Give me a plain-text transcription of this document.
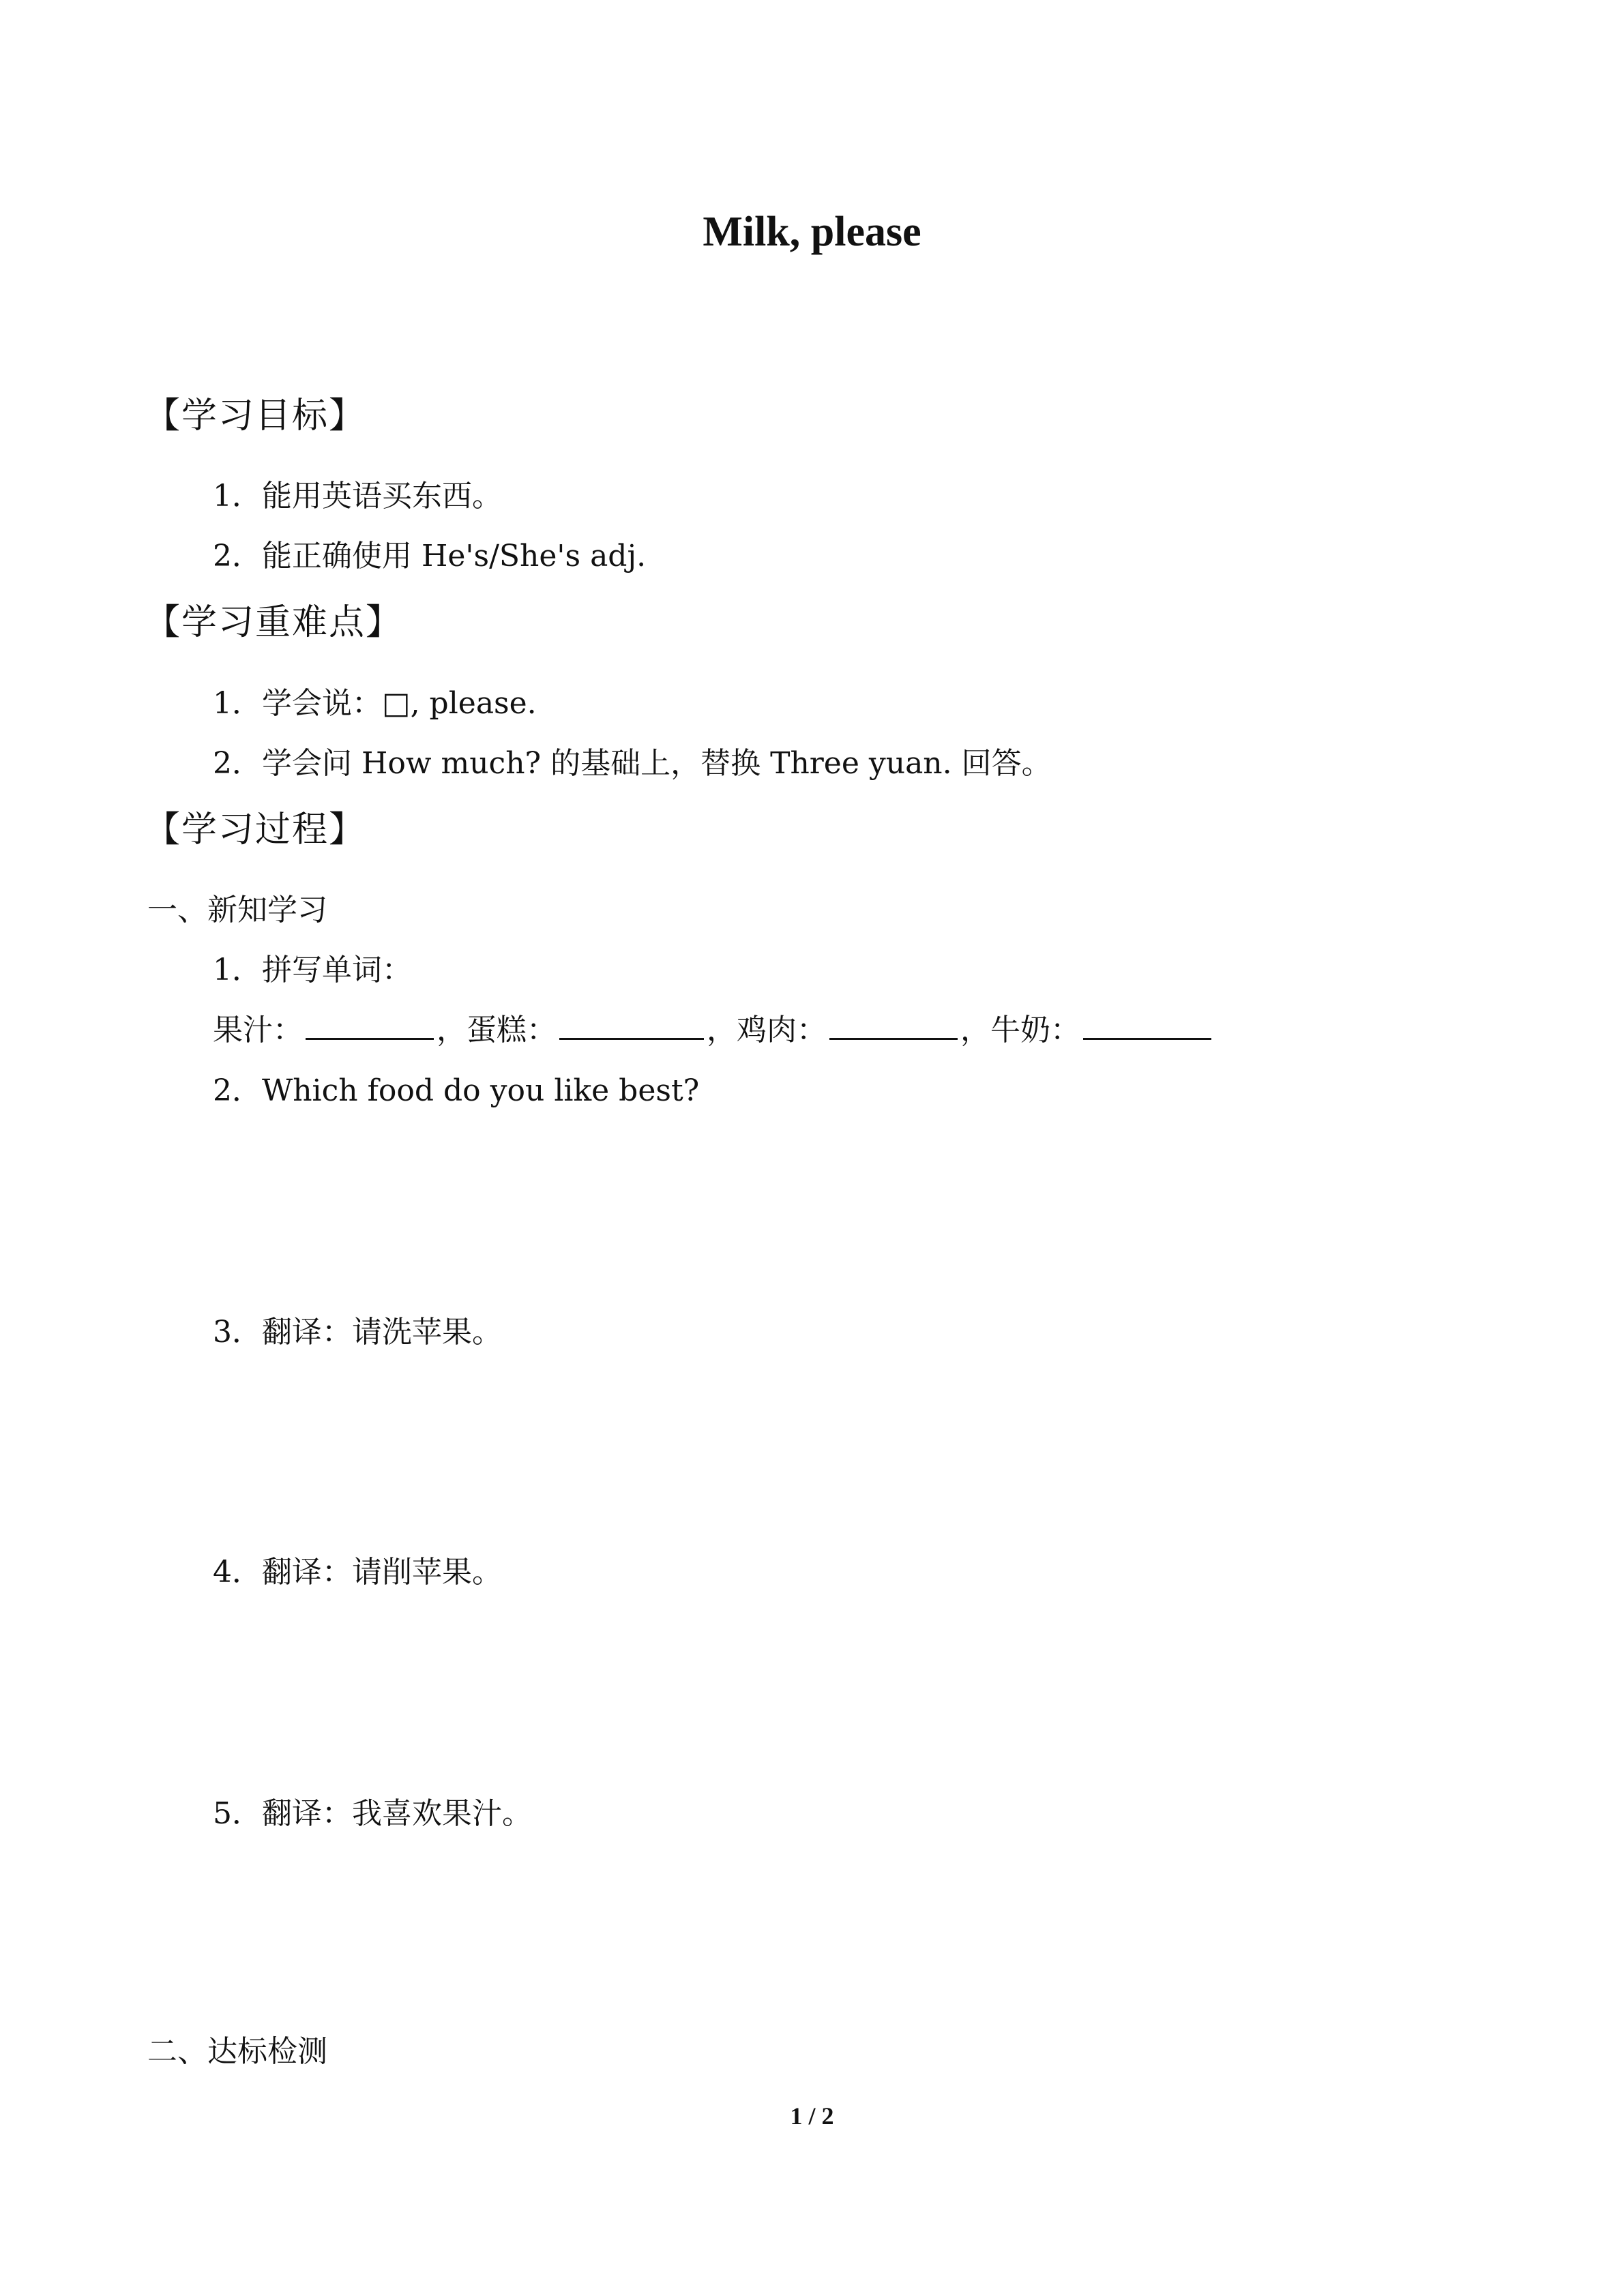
Milk, please
【学习目标】
1．能用英语买东西。
2．能正确使用 He's/She's adj.
【学习重难点】
1．学会说：□, please.
2．学会问 How much? 的基础上，替换 Three yuan. 回答。
【学习过程】
一、新知学习
1．拼写单词：
果汁：	，蛋糕：	，鸡肉：	，牛奶：
2．Which food do you like best?
3．翻译：请洗苹果。
4．翻译：请削苹果。
5．翻译：我喜欢果汁。
二、达标检测
1 / 2
